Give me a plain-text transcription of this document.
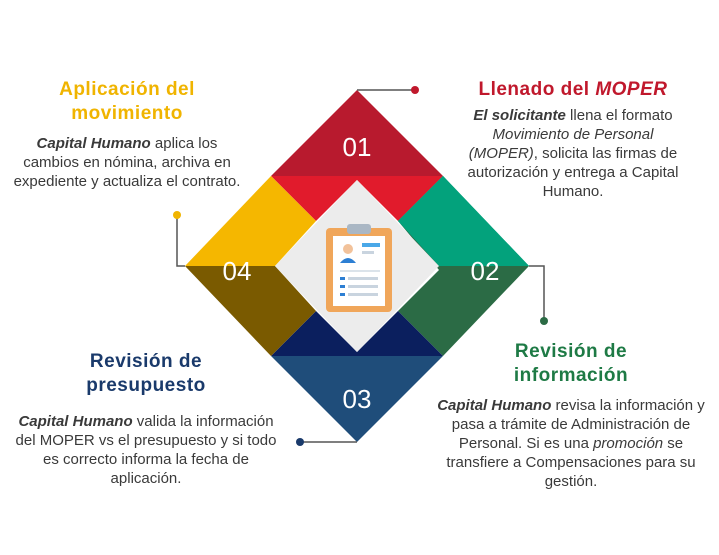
01
02
03
04
Aplicación del
movimiento
Capital Humano aplica los cambios en nómina, archiva en expediente y actualiza el contrato.
Llenado del MOPER
El solicitante llena el formato
Movimiento de Personal
(MOPER), solicita las firmas de autorización y entrega a Capital Humano.
Revisión de
presupuesto
Capital Humano valida la información del MOPER vs el presupuesto y si todo es correcto informa la fecha de aplicación.
Revisión de
información
Capital Humano revisa la información y pasa a trámite de Administración de Personal. Si es una promoción se transfiere a Compensaciones para su gestión.
